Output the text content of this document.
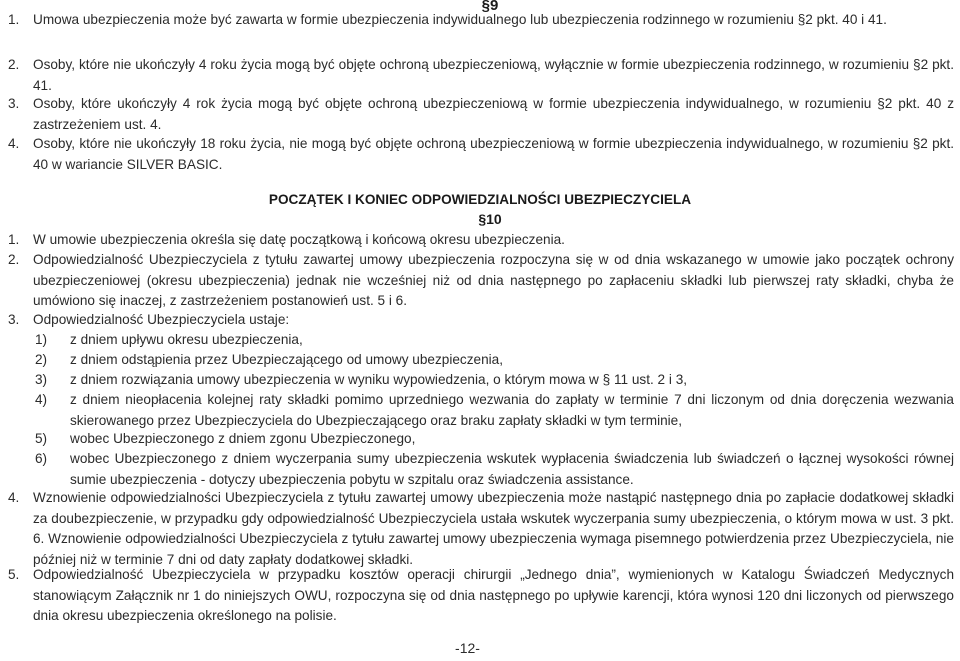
§9
1.	Umowa ubezpieczenia może być zawarta w formie ubezpieczenia indywidualnego lub ubezpieczenia rodzinnego w rozumieniu §2 pkt. 40 i 41.
2.	Osoby, które nie ukończyły 4 roku życia mogą być objęte ochroną ubezpieczeniową, wyłącznie w formie ubezpieczenia rodzinnego, w rozumieniu §2 pkt. 41.
3.	Osoby, które ukończyły 4 rok życia mogą być objęte ochroną ubezpieczeniową w formie ubezpieczenia indywidualnego, w rozumieniu §2 pkt. 40 z zastrzeżeniem ust. 4.
4.	Osoby, które nie ukończyły 18 roku życia, nie mogą być objęte ochroną ubezpieczeniową w formie ubezpieczenia indywidualnego, w rozumieniu §2 pkt. 40 w wariancie SILVER BASIC.
POCZĄTEK I KONIEC ODPOWIEDZIALNOŚCI UBEZPIECZYCIELA
§10
1.	W umowie ubezpieczenia określa się datę początkową i końcową okresu ubezpieczenia.
2.	Odpowiedzialność Ubezpieczyciela z tytułu zawartej umowy ubezpieczenia rozpoczyna się w od dnia wskazanego w umowie jako początek ochrony ubezpieczeniowej (okresu ubezpieczenia) jednak nie wcześniej niż od dnia następnego po zapłaceniu składki lub pierwszej raty składki, chyba że umówiono się inaczej, z zastrzeżeniem postanowień ust. 5 i 6.
3.	Odpowiedzialność Ubezpieczyciela ustaje:
1)	z dniem upływu okresu ubezpieczenia,
2)	z dniem odstąpienia przez Ubezpieczającego od umowy ubezpieczenia,
3)	z dniem rozwiązania umowy ubezpieczenia w wyniku wypowiedzenia, o którym mowa w § 11 ust. 2 i 3,
4)	z dniem nieopłacenia kolejnej raty składki pomimo uprzedniego wezwania do zapłaty w terminie 7 dni liczonym od dnia doręczenia wezwania skierowanego przez Ubezpieczyciela do Ubezpieczającego oraz braku zapłaty składki w tym terminie,
5)	wobec Ubezpieczonego z dniem zgonu Ubezpieczonego,
6)	wobec Ubezpieczonego z dniem wyczerpania sumy ubezpieczenia wskutek wypłacenia świadczenia lub świadczeń o łącznej wysokości równej sumie ubezpieczenia - dotyczy ubezpieczenia pobytu w szpitalu oraz świadczenia assistance.
4.	Wznowienie odpowiedzialności Ubezpieczyciela z tytułu zawartej umowy ubezpieczenia może nastąpić następnego dnia po zapłacie dodatkowej składki za doubezpieczenie, w przypadku gdy odpowiedzialność Ubezpieczyciela ustała wskutek wyczerpania sumy ubezpieczenia, o którym mowa w ust. 3 pkt. 6. Wznowienie odpowiedzialności Ubezpieczyciela z tytułu zawartej umowy ubezpieczenia wymaga pisemnego potwierdzenia przez Ubezpieczyciela, nie później niż w terminie 7 dni od daty zapłaty dodatkowej składki.
5.	Odpowiedzialność Ubezpieczyciela w przypadku kosztów operacji chirurgii „Jednego dnia”, wymienionych w Katalogu Świadczeń Medycznych stanowiącym Załącznik nr 1 do niniejszych OWU, rozpoczyna się od dnia następnego po upływie karencji, która wynosi 120 dni liczonych od pierwszego dnia okresu ubezpieczenia określonego na polisie.
-12-
